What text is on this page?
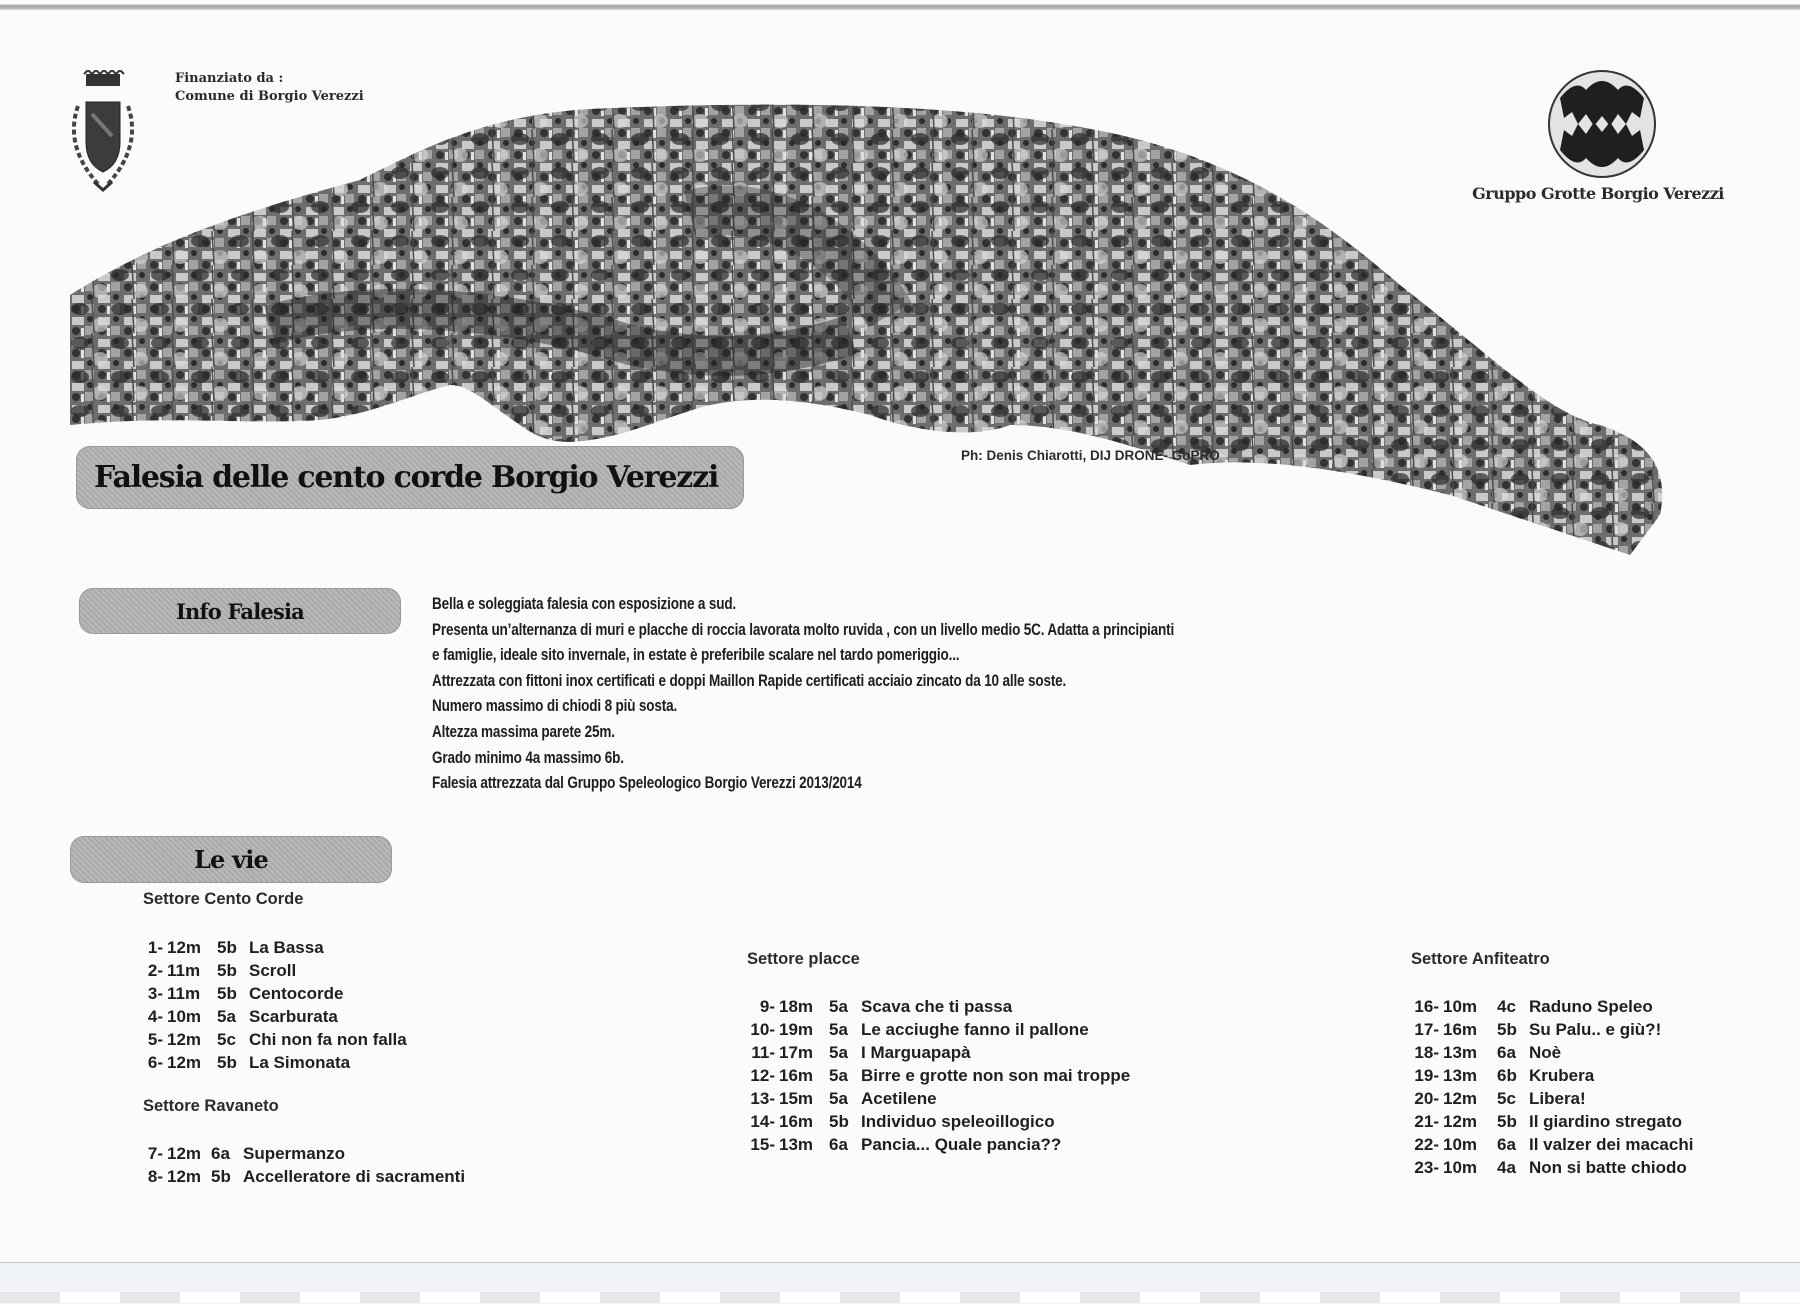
Finanziato da :
Comune di Borgio Verezzi
Falesia delle cento corde Borgio Verezzi
Ph: Denis Chiarotti, DIJ DRONE- GoPRO
Gruppo Grotte Borgio Verezzi

Info Falesia	Bella e soleggiata falesia con esposizione a sud.
Presenta un’alternanza di muri e placche di roccia lavorata molto ruvida , con un livello medio 5C. Adatta a principianti
e famiglie, ideale sito invernale, in estate è preferibile scalare nel tardo pomeriggio...
Attrezzata con fittoni inox certificati e doppi Maillon Rapide certificati acciaio zincato da 10 alle soste.
Numero massimo di chiodi 8 più sosta.
Altezza massima parete 25m.
Grado minimo 4a massimo 6b.
Falesia attrezzata dal Gruppo Speleologico Borgio Verezzi 2013/2014
Le vie
Settore Cento Corde
1- 12m 5b La Bassa
2- 11m 5b Scroll
3- 11m 5b Centocorde
4- 10m 5a Scarburata
5- 12m 5c Chi non fa non falla
6- 12m 5b La Simonata
Settore Ravaneto
7- 12m 6a Supermanzo
8- 12m 5b Accelleratore di sacramenti
Settore placce
9- 18m 5a Scava che ti passa
10- 19m 5a Le acciughe fanno il pallone
11- 17m 5a I Marguapapà
12- 16m 5a Birre e grotte non son mai troppe
13- 15m 5a Acetilene
14- 16m 5b Individuo speleoillogico
15- 13m 6a Pancia... Quale pancia??
Settore Anfiteatro
16- 10m	4c Raduno Speleo
17- 16m	5b Su Palu.. e giù?!
18- 13m	6a Noè
19- 13m	6b Krubera
20- 12m	5c Libera!
21- 12m	5b Il giardino stregato
22- 10m	6a Il valzer dei macachi
23- 10m	4a Non si batte chiodo
